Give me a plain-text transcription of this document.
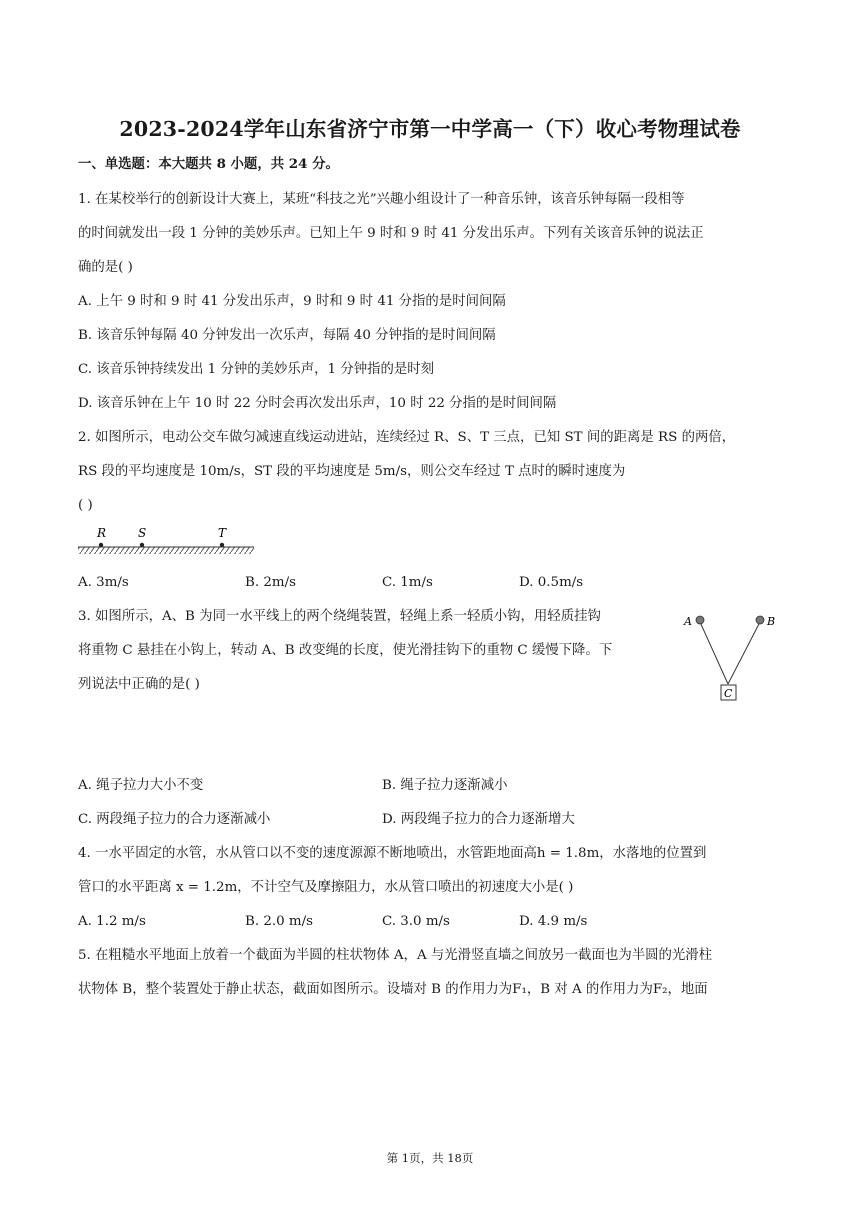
2023-2024学年山东省济宁市第一中学高一（下）收心考物理试卷
一、单选题：本大题共 8 小题，共 24 分。
1. 在某校举行的创新设计大赛上，某班“科技之光”兴趣小组设计了一种音乐钟，该音乐钟每隔一段相等
的时间就发出一段 1 分钟的美妙乐声。已知上午 9 时和 9 时 41 分发出乐声。下列有关该音乐钟的说法正
确的是( )
A. 上午 9 时和 9 时 41 分发出乐声，9 时和 9 时 41 分指的是时间间隔
B. 该音乐钟每隔 40 分钟发出一次乐声，每隔 40 分钟指的是时间间隔
C. 该音乐钟持续发出 1 分钟的美妙乐声，1 分钟指的是时刻
D. 该音乐钟在上午 10 时 22 分时会再次发出乐声，10 时 22 分指的是时间间隔
2. 如图所示，电动公交车做匀减速直线运动进站，连续经过 R、S、T 三点，已知 ST 间的距离是 RS 的两倍，
RS 段的平均速度是 10m/s，ST 段的平均速度是 5m/s，则公交车经过 T 点时的瞬时速度为
( )
R	S	T
A. 3m/s	B. 2m/s	C. 1m/s	D. 0.5m/s
3. 如图所示，A、B 为同一水平线上的两个绕绳装置，轻绳上系一轻质小钩，用轻质挂钩
将重物 C 悬挂在小钩上，转动 A、B 改变绳的长度，使光滑挂钩下的重物 C 缓慢下降。下
列说法中正确的是( )
A	B
C
A. 绳子拉力大小不变	B. 绳子拉力逐渐减小
C. 两段绳子拉力的合力逐渐减小	D. 两段绳子拉力的合力逐渐增大
4. 一水平固定的水管，水从管口以不变的速度源源不断地喷出，水管距地面高h = 1.8m，水落地的位置到
管口的水平距离 x = 1.2m，不计空气及摩擦阻力，水从管口喷出的初速度大小是( )
A. 1.2 m/s	B. 2.0 m/s	C. 3.0 m/s	D. 4.9 m/s
5. 在粗糙水平地面上放着一个截面为半圆的柱状物体 A，A 与光滑竖直墙之间放另一截面也为半圆的光滑柱
状物体 B，整个装置处于静止状态，截面如图所示。设墙对 B 的作用力为F₁，B 对 A 的作用力为F₂，地面
第 1页，共 18页
